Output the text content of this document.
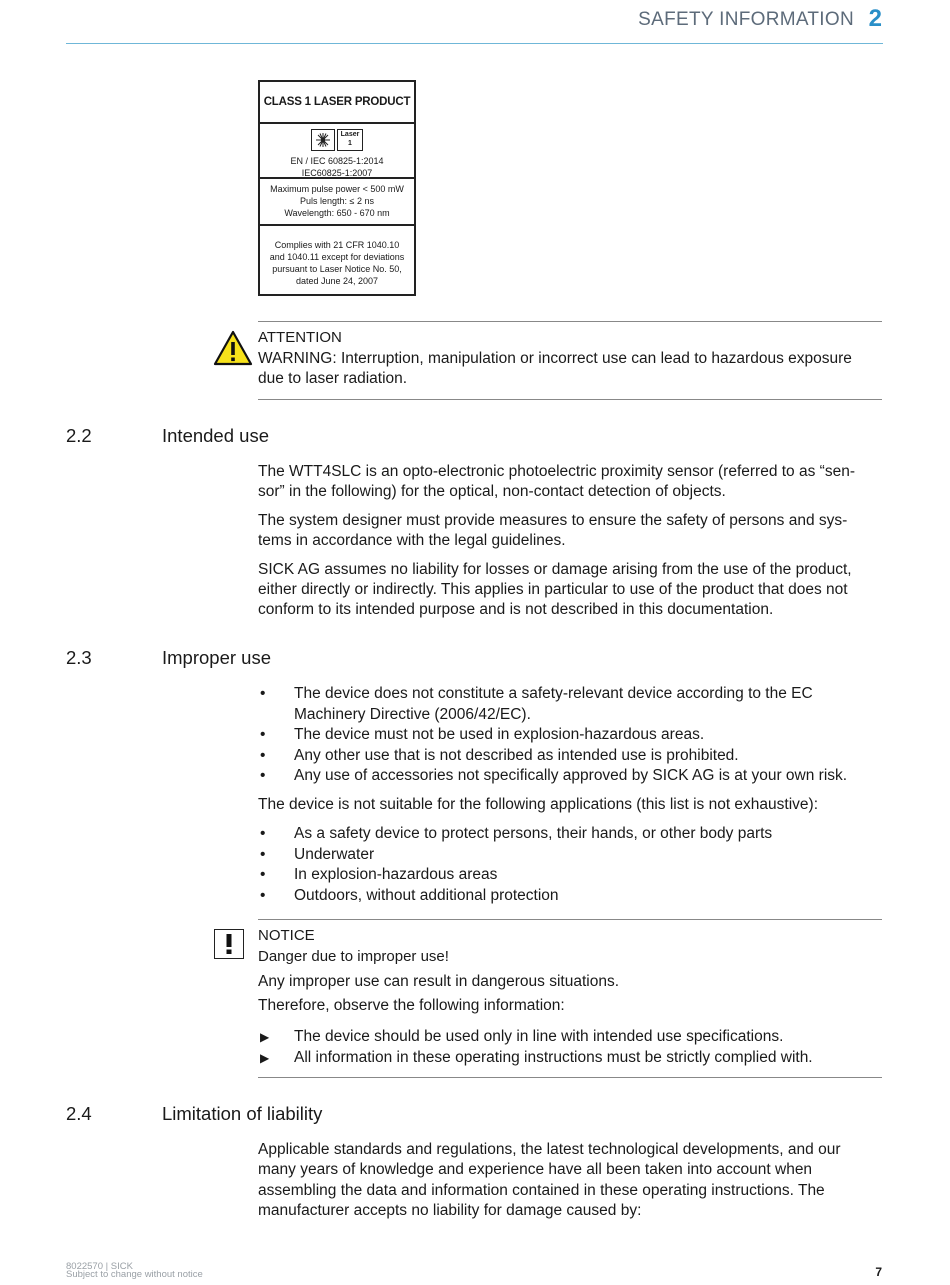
SAFETY INFORMATION 2
CLASS 1 LASER PRODUCT
Laser
1
EN / IEC 60825-1:2014
IEC60825-1:2007
Maximum pulse power < 500 mW
Puls length: ≤ 2 ns
Wavelength: 650 - 670 nm
Complies with 21 CFR 1040.10
and 1040.11 except for deviations
pursuant to Laser Notice No. 50,
dated June 24, 2007
ATTENTION
WARNING: Interruption, manipulation or incorrect use can lead to hazardous exposure
due to laser radiation.
2.2	Intended use
The WTT4SLC is an opto-electronic photoelectric proximity sensor (referred to as “sen-
sor” in the following) for the optical, non-contact detection of objects.
The system designer must provide measures to ensure the safety of persons and sys-
tems in accordance with the legal guidelines.
SICK AG assumes no liability for losses or damage arising from the use of the product,
either directly or indirectly. This applies in particular to use of the product that does not
conform to its intended purpose and is not described in this documentation.
2.3	Improper use
• The device does not constitute a safety-relevant device according to the EC
Machinery Directive (2006/42/EC).
• The device must not be used in explosion-hazardous areas.
• Any other use that is not described as intended use is prohibited.
• Any use of accessories not specifically approved by SICK AG is at your own risk.
The device is not suitable for the following applications (this list is not exhaustive):
• As a safety device to protect persons, their hands, or other body parts
• Underwater
• In explosion-hazardous areas
• Outdoors, without additional protection
NOTICE
Danger due to improper use!
Any improper use can result in dangerous situations.
Therefore, observe the following information:
▶ The device should be used only in line with intended use specifications.
▶ All information in these operating instructions must be strictly complied with.
2.4	Limitation of liability
Applicable standards and regulations, the latest technological developments, and our
many years of knowledge and experience have all been taken into account when
assembling the data and information contained in these operating instructions. The
manufacturer accepts no liability for damage caused by:
8022570 | SICK
Subject to change without notice	7
